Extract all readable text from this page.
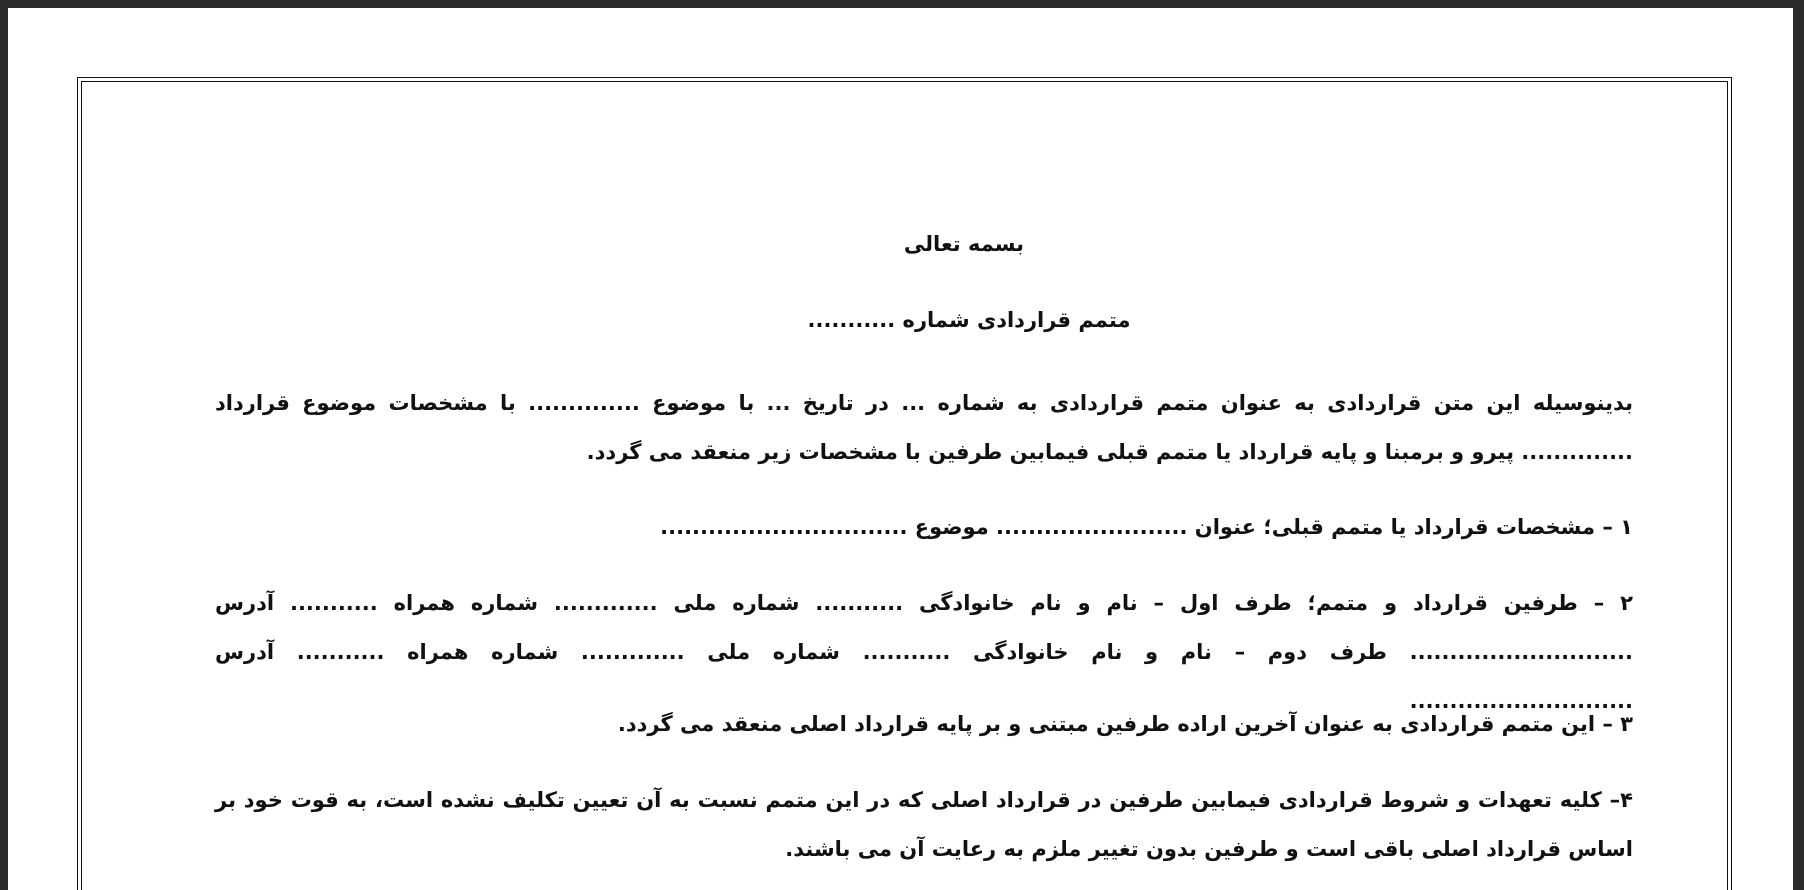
بسمه تعالی
متمم قراردادی شماره ...........

بدینوسیله این متن قراردادی به عنوان متمم قراردادی به شماره ... در تاریخ ... با موضوع .............. با مشخصات موضوع قرارداد .............. پیرو و برمبنا و پایه قرارداد یا متمم قبلی فیمابین طرفین با مشخصات زیر منعقد می گردد.

۱ – مشخصات قرارداد یا متمم قبلی؛ عنوان ........................ موضوع ...............................

۲ – طرفین قرارداد و متمم؛ طرف اول – نام و نام خانوادگی ........... شماره ملی ............. شماره همراه ........... آدرس ............................ طرف دوم – نام و نام خانوادگی ........... شماره ملی ............. شماره همراه ........... آدرس ............................

۳ – این متمم قراردادی به عنوان آخرین اراده طرفین مبتنی و بر پایه قرارداد اصلی منعقد می گردد.

۴– کلیه تعهدات و شروط قراردادی فیمابین طرفین در قرارداد اصلی که در این متمم نسبت به آن تعیین تکلیف نشده است، به قوت خود بر اساس قرارداد اصلی باقی است و طرفین بدون تغییر ملزم به رعایت آن می باشند.
